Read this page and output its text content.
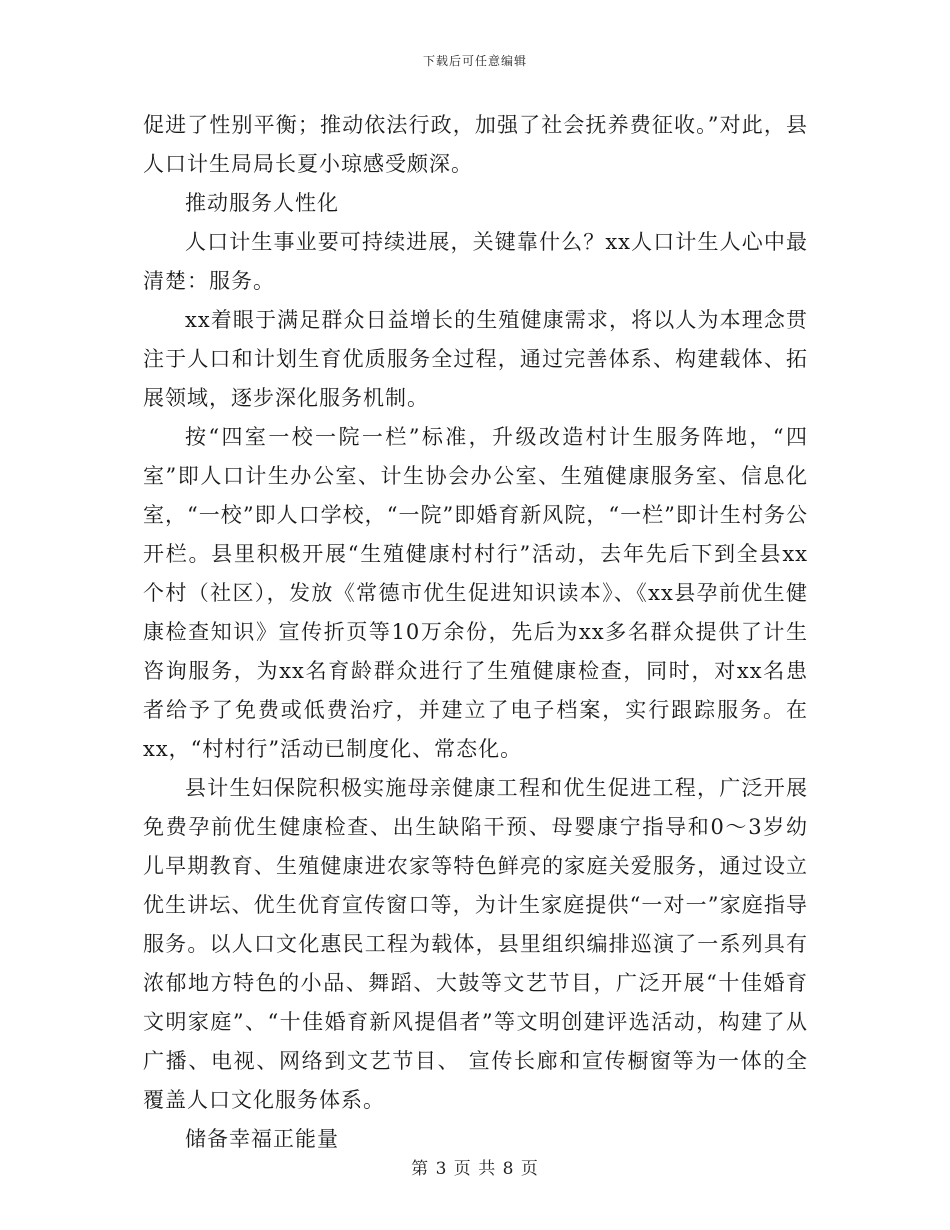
下载后可任意编辑

促进了性别平衡；推动依法行政，加强了社会抚养费征收。”对此，县人口计生局局长夏小琼感受颇深。

推动服务人性化

人口计生事业要可持续进展，关键靠什么？xx人口计生人心中最清楚：服务。

xx着眼于满足群众日益增长的生殖健康需求，将以人为本理念贯注于人口和计划生育优质服务全过程，通过完善体系、构建载体、拓展领域，逐步深化服务机制。

按“四室一校一院一栏”标准，升级改造村计生服务阵地，“四室”即人口计生办公室、计生协会办公室、生殖健康服务室、信息化室，“一校”即人口学校，“一院”即婚育新风院，“一栏”即计生村务公开栏。县里积极开展“生殖健康村村行”活动，去年先后下到全县xx个村（社区），发放《常德市优生促进知识读本》、《xx县孕前优生健康检查知识》宣传折页等10万余份，先后为xx多名群众提供了计生咨询服务，为xx名育龄群众进行了生殖健康检查，同时，对xx名患者给予了免费或低费治疗，并建立了电子档案，实行跟踪服务。在xx，“村村行”活动已制度化、常态化。

县计生妇保院积极实施母亲健康工程和优生促进工程，广泛开展免费孕前优生健康检查、出生缺陷干预、母婴康宁指导和0～3岁幼儿早期教育、生殖健康进农家等特色鲜亮的家庭关爱服务，通过设立优生讲坛、优生优育宣传窗口等，为计生家庭提供“一对一”家庭指导服务。以人口文化惠民工程为载体，县里组织编排巡演了一系列具有浓郁地方特色的小品、舞蹈、大鼓等文艺节目，广泛开展“十佳婚育文明家庭”、“十佳婚育新风提倡者”等文明创建评选活动，构建了从广播、电视、网络到文艺节目、 宣传长廊和宣传橱窗等为一体的全覆盖人口文化服务体系。

储备幸福正能量

第 3 页 共 8 页
